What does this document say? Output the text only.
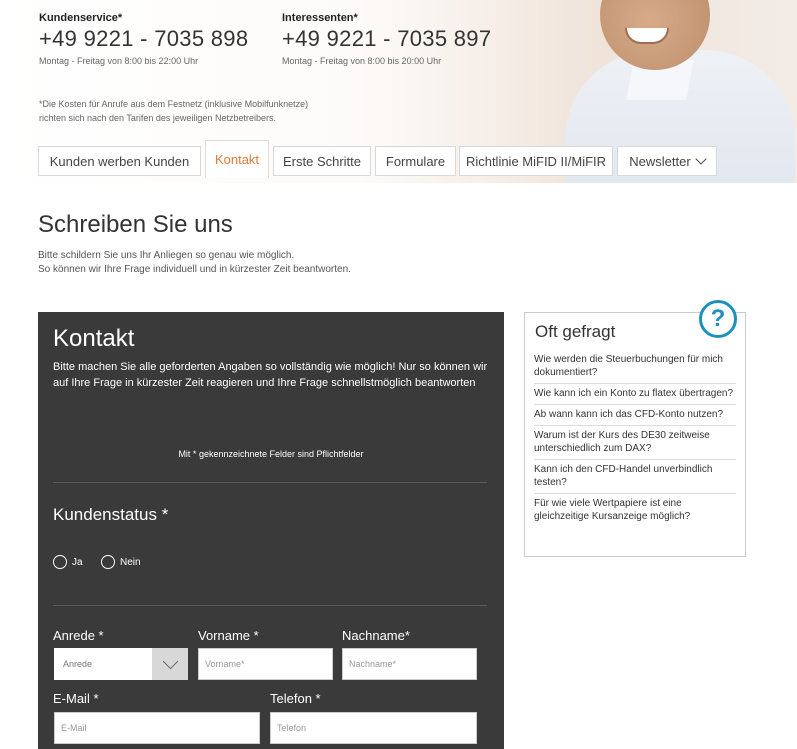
Kundenservice*
+49 9221 - 7035 898
Montag - Freitag von 8:00 bis 22:00 Uhr
Interessenten*
+49 9221 - 7035 897
Montag - Freitag von 8:00 bis 20:00 Uhr
*Die Kosten für Anrufe aus dem Festnetz (inklusive Mobilfunknetze)
richten sich nach den Tarifen des jeweiligen Netzbetreibers.
Kunden werben Kunden	Kontakt	Erste Schritte	Formulare	Richtlinie MiFID II/MiFIR	Newsletter
Schreiben Sie uns
Bitte schildern Sie uns Ihr Anliegen so genau wie möglich.
So können wir Ihre Frage individuell und in kürzester Zeit beantworten.
Kontakt
Bitte machen Sie alle geforderten Angaben so vollständig wie möglich! Nur so können wir auf Ihre Frage in kürzester Zeit reagieren und Ihre Frage schnellstmöglich beantworten
Mit * gekennzeichnete Felder sind Pflichtfelder
Kundenstatus *
Ja	Nein
Anrede *	Vorname *	Nachname*
Anrede
Vorname*
Nachname*
E-Mail *	Telefon *
E-Mail
Telefon
Oft gefragt
Wie werden die Steuerbuchungen für mich dokumentiert?
Wie kann ich ein Konto zu flatex übertragen?
Ab wann kann ich das CFD-Konto nutzen?
Warum ist der Kurs des DE30 zeitweise unterschiedlich zum DAX?
Kann ich den CFD-Handel unverbindlich testen?
Für wie viele Wertpapiere ist eine gleichzeitige Kursanzeige möglich?
?
